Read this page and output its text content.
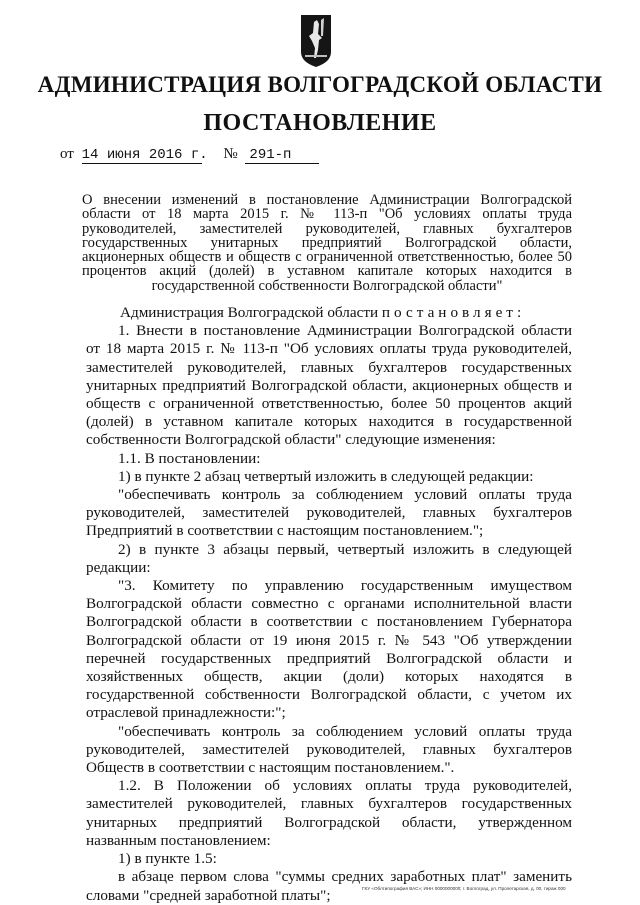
АДМИНИСТРАЦИЯ ВОЛГОГРАДСКОЙ ОБЛАСТИ
ПОСТАНОВЛЕНИЕ
от 14 июня 2016 г. № 291-п
О внесении изменений в постановление Администрации Волгоградской области от 18 марта 2015 г. № 113-п "Об условиях оплаты труда руководителей, заместителей руководителей, главных бухгалтеров государственных унитарных предприятий Волгоградской области, акционерных обществ и обществ с ограниченной ответственностью, более 50 процентов акций (долей) в уставном капитале которых находится в государственной собственности Волгоградской области"

Администрация Волгоградской области постановляет:

1. Внести в постановление Администрации Волгоградской области от 18 марта 2015 г. № 113-п "Об условиях оплаты труда руководителей, заместителей руководителей, главных бухгалтеров государственных унитарных предприятий Волгоградской области, акционерных обществ и обществ с ограниченной ответственностью, более 50 процентов акций (долей) в уставном капитале которых находится в государственной собственности Волгоградской области" следующие изменения:

1.1. В постановлении:

1) в пункте 2 абзац четвертый изложить в следующей редакции:

"обеспечивать контроль за соблюдением условий оплаты труда руководителей, заместителей руководителей, главных бухгалтеров Предприятий в соответствии с настоящим постановлением.";

2) в пункте 3 абзацы первый, четвертый изложить в следующей редакции:

"3. Комитету по управлению государственным имуществом Волгоградской области совместно с органами исполнительной власти Волгоградской области в соответствии с постановлением Губернатора Волгоградской области от 19 июня 2015 г. № 543 "Об утверждении перечней государственных предприятий Волгоградской области и хозяйственных обществ, акции (доли) которых находятся в государственной собственности Волгоградской области, с учетом их отраслевой принадлежности:";

"обеспечивать контроль за соблюдением условий оплаты труда руководителей, заместителей руководителей, главных бухгалтеров Обществ в соответствии с настоящим постановлением.".

1.2. В Положении об условиях оплаты труда руководителей, заместителей руководителей, главных бухгалтеров государственных унитарных предприятий Волгоградской области, утвержденном названным постановлением:

1) в пункте 1.5:

в абзаце первом слова "суммы средних заработных плат" заменить словами "средней заработной платы";	ГКУ «Облтипография ВАС»; ИНН 0000000000; г. Волгоград, ул. Пролетарская, д. 00, тираж 000
